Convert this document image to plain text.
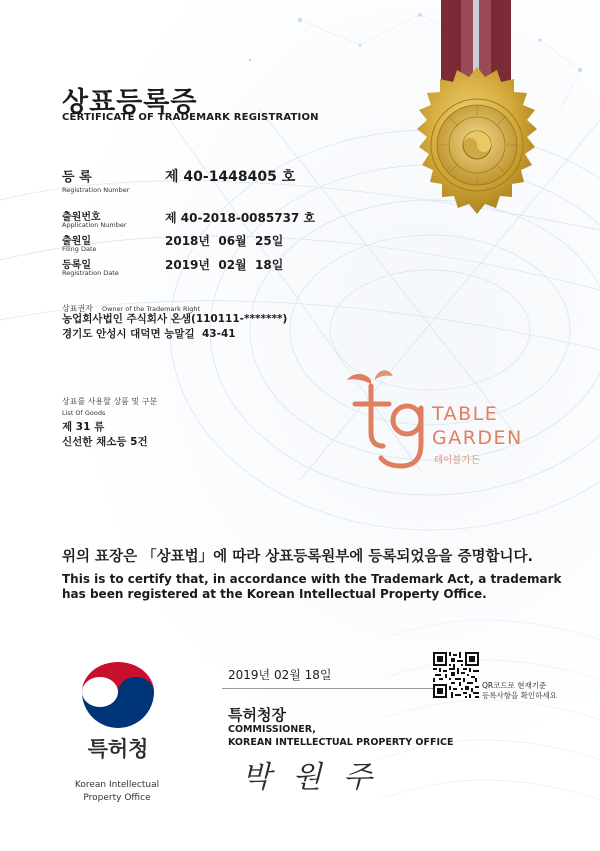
상표등록증
CERTIFICATE OF TRADEMARK REGISTRATION
등 록
Registration Number
제 40-1448405 호
출원번호
Application Number	제 40-2018-0085737 호
출원일
Filing Date
2018년  06월  25일
등록일
Registration Date
2019년  02월  18일
상표권자 Owner of the Trademark Right
농업회사법인 주식회사 온샘(110111-*******)
경기도 안성시 대덕면 능말길  43-41
상표를 사용할 상품 및 구분
List Of Goods
제 31 류
신선한 채소등 5건
TABLE
GARDEN
테이블가든
위의 표장은 「상표법」에 따라 상표등록원부에 등록되었음을 증명합니다.
This is to certify that, in accordance with the Trademark Act, a trademark
has been registered at the Korean Intellectual Property Office.
특허청
Korean Intellectual
Property Office
2019년 02월 18일
특허청장
COMMISSIONER,
KOREAN INTELLECTUAL PROPERTY OFFICE
박 원 주
QR코드로 현재기준
등록사항을 확인하세요
